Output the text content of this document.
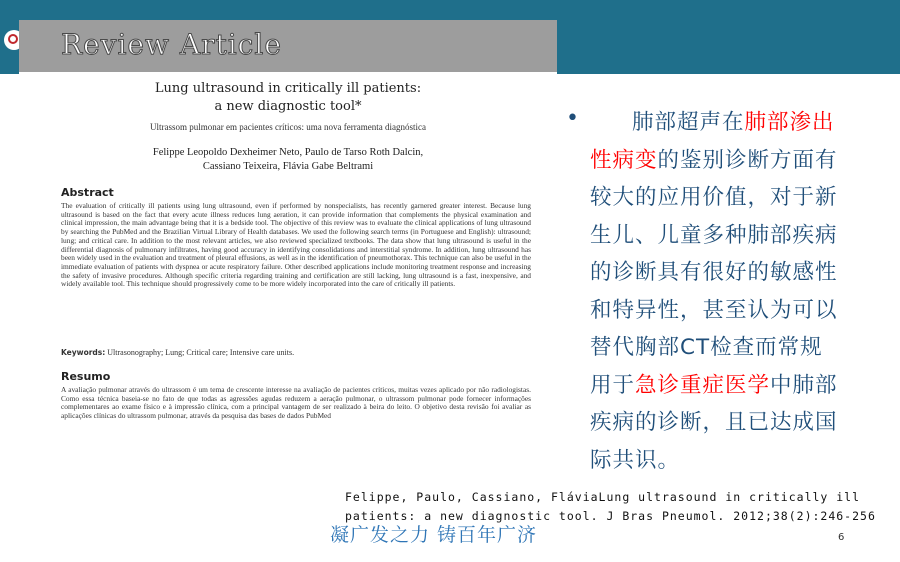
Review Article
Lung ultrasound in critically ill patients:
a new diagnostic tool*
Ultrassom pulmonar em pacientes críticos: uma nova ferramenta diagnóstica
Felippe Leopoldo Dexheimer Neto, Paulo de Tarso Roth Dalcin,
Cassiano Teixeira, Flávia Gabe Beltrami
Abstract
The evaluation of critically ill patients using lung ultrasound, even if performed by nonspecialists, has recently garnered greater interest. Because lung ultrasound is based on the fact that every acute illness reduces lung aeration, it can provide information that complements the physical examination and clinical impression, the main advantage being that it is a bedside tool. The objective of this review was to evaluate the clinical applications of lung ultrasound by searching the PubMed and the Brazilian Virtual Library of Health databases. We used the following search terms (in Portuguese and English): ultrasound; lung; and critical care. In addition to the most relevant articles, we also reviewed specialized textbooks. The data show that lung ultrasound is useful in the differential diagnosis of pulmonary infiltrates, having good accuracy in identifying consolidations and interstitial syndrome. In addition, lung ultrasound has been widely used in the evaluation and treatment of pleural effusions, as well as in the identification of pneumothorax. This technique can also be useful in the immediate evaluation of patients with dyspnea or acute respiratory failure. Other described applications include monitoring treatment response and increasing the safety of invasive procedures. Although specific criteria regarding training and certification are still lacking, lung ultrasound is a fast, inexpensive, and widely available tool. This technique should progressively come to be more widely incorporated into the care of critically ill patients.
Keywords: Ultrasonography; Lung; Critical care; Intensive care units.
Resumo
A avaliação pulmonar através do ultrassom é um tema de crescente interesse na avaliação de pacientes críticos, muitas vezes aplicado por não radiologistas. Como essa técnica baseia-se no fato de que todas as agressões agudas reduzem a aeração pulmonar, o ultrassom pulmonar pode fornecer informações complementares ao exame físico e à impressão clínica, com a principal vantagem de ser realizado à beira do leito. O objetivo desta revisão foi avaliar as aplicações clínicas do ultrassom pulmonar, através da pesquisa das bases de dados PubMed
•	肺部超声在肺部渗出性病变的鉴别诊断方面有较大的应用价值，对于新生儿、儿童多种肺部疾病的诊断具有很好的敏感性和特异性，甚至认为可以替代胸部CT检查而常规用于急诊重症医学中肺部疾病的诊断，且已达成国际共识。
Felippe, Paulo, Cassiano, FláviaLung ultrasound in critically ill
patients: a new diagnostic tool. J Bras Pneumol. 2012;38(2):246-256
凝广发之力 铸百年广济	6
